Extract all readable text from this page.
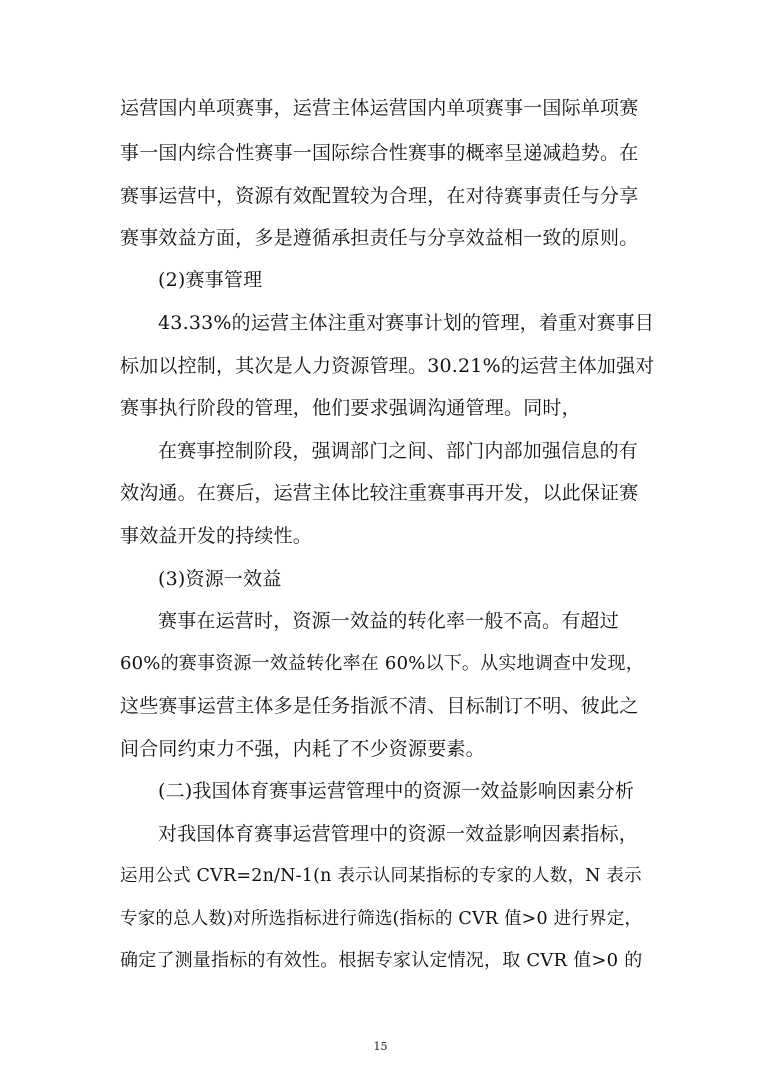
运营国内单项赛事，运营主体运营国内单项赛事一国际单项赛
事一国内综合性赛事一国际综合性赛事的概率呈递减趋势。在
赛事运营中，资源有效配置较为合理，在对待赛事责任与分享
赛事效益方面，多是遵循承担责任与分享效益相一致的原则。
(2)赛事管理
43.33%的运营主体注重对赛事计划的管理，着重对赛事目
标加以控制，其次是人力资源管理。30.21%的运营主体加强对
赛事执行阶段的管理，他们要求强调沟通管理。同时，
在赛事控制阶段，强调部门之间、部门内部加强信息的有
效沟通。在赛后，运营主体比较注重赛事再开发，以此保证赛
事效益开发的持续性。
(3)资源一效益
赛事在运营时，资源一效益的转化率一般不高。有超过
60%的赛事资源一效益转化率在 60%以下。从实地调查中发现，
这些赛事运营主体多是任务指派不清、目标制订不明、彼此之
间合同约束力不强，内耗了不少资源要素。
(二)我国体育赛事运营管理中的资源一效益影响因素分析
对我国体育赛事运营管理中的资源一效益影响因素指标，
运用公式 CVR=2n/N-1(n 表示认同某指标的专家的人数，N 表示
专家的总人数)对所选指标进行筛选(指标的 CVR 值>0 进行界定，
确定了测量指标的有效性。根据专家认定情况，取 CVR 值>0 的
15
